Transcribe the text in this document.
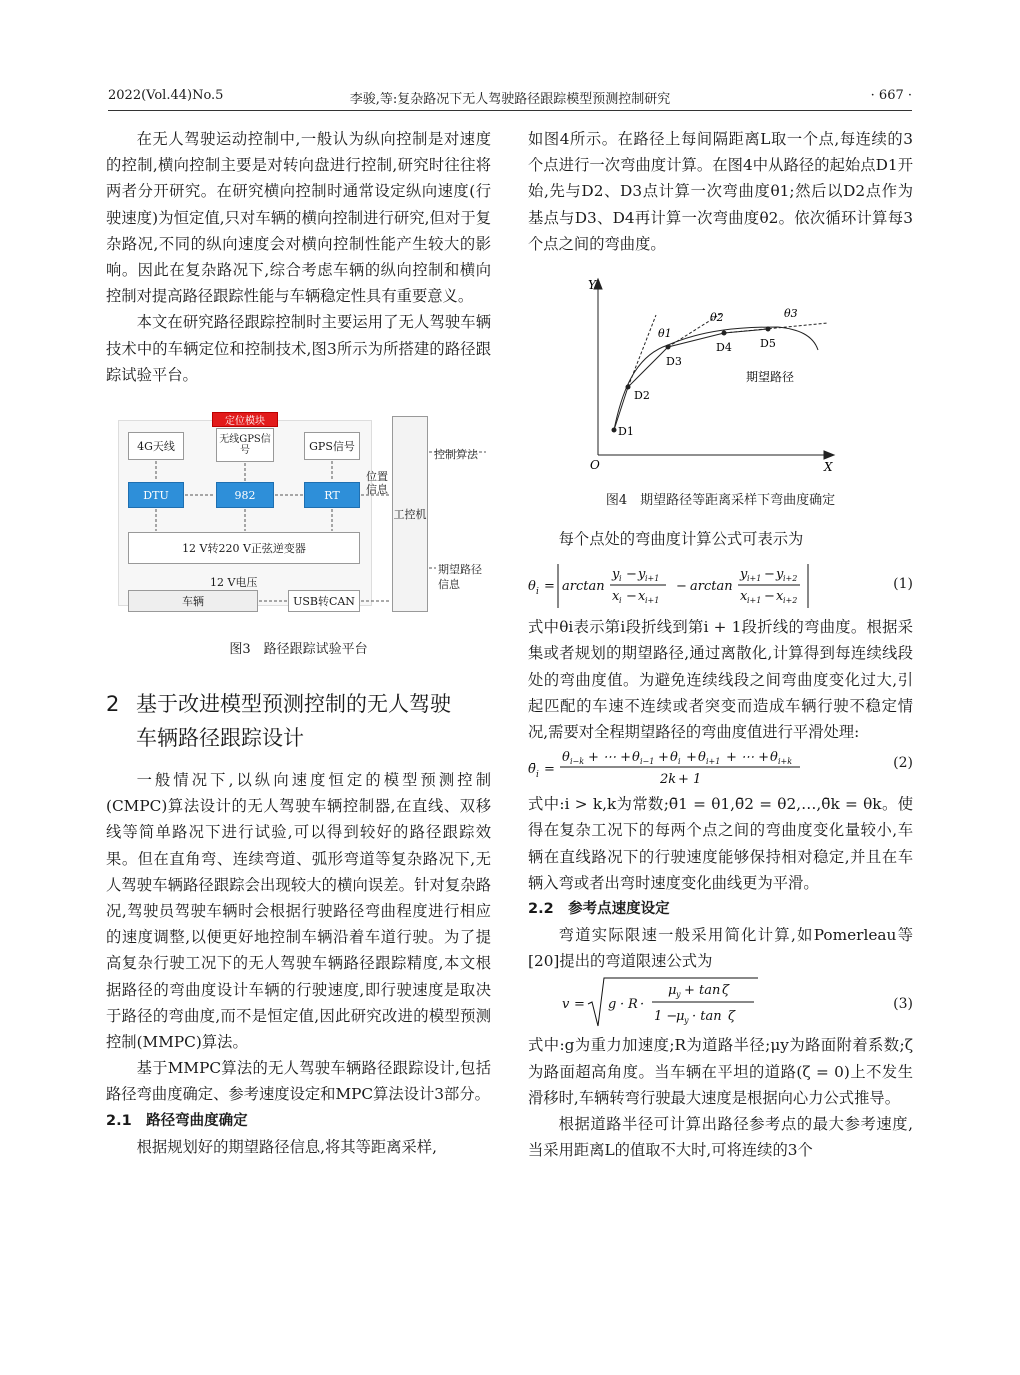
2022(Vol.44)No.5	李骏,等:复杂路况下无人驾驶路径跟踪模型预测控制研究	· 667 ·

在无人驾驶运动控制中,一般认为纵向控制是对速度的控制,横向控制主要是对转向盘进行控制,研究时往往将两者分开研究。在研究横向控制时通常设定纵向速度(行驶速度)为恒定值,只对车辆的横向控制进行研究,但对于复杂路况,不同的纵向速度会对横向控制性能产生较大的影响。因此在复杂路况下,综合考虑车辆的纵向控制和横向控制对提高路径跟踪性能与车辆稳定性具有重要意义。

本文在研究路径跟踪控制时主要运用了无人驾驶车辆技术中的车辆定位和控制技术,图3所示为所搭建的路径跟踪试验平台。

定位模块
4G天线
无线GPS信号	GPS信号
DTU	982	RT
12 V转220 V正弦逆变器
12 V电压
车辆	USB转CAN
位置信息
工控机
控制算法
期望路径信息

图3　路径跟踪试验平台

2 基于改进模型预测控制的无人驾驶
车辆路径跟踪设计

一般情况下,以纵向速度恒定的模型预测控制(CMPC)算法设计的无人驾驶车辆控制器,在直线、双移线等简单路况下进行试验,可以得到较好的路径跟踪效果。但在直角弯、连续弯道、弧形弯道等复杂路况下,无人驾驶车辆路径跟踪会出现较大的横向误差。针对复杂路况,驾驶员驾驶车辆时会根据行驶路径弯曲程度进行相应的速度调整,以便更好地控制车辆沿着车道行驶。为了提高复杂行驶工况下的无人驾驶车辆路径跟踪精度,本文根据路径的弯曲度设计车辆的行驶速度,即行驶速度是取决于路径的弯曲度,而不是恒定值,因此研究改进的模型预测控制(MMPC)算法。

基于MMPC算法的无人驾驶车辆路径跟踪设计,包括路径弯曲度确定、参考速度设定和MPC算法设计3部分。

2.1　路径弯曲度确定

根据规划好的期望路径信息,将其等距离采样,

如图4所示。在路径上每间隔距离L取一个点,每连续的3个点进行一次弯曲度计算。在图4中从路径的起始点D1开始,先与D2、D3点计算一次弯曲度θ1;然后以D2点作为基点与D3、D4再计算一次弯曲度θ2。依次循环计算每3个点之间的弯曲度。

Y
X
O
D1
D2
D3
D4	D5
θ1
θ2	θ3
期望路径

图4　期望路径等距离采样下弯曲度确定

每个点处的弯曲度计算公式可表示为

θ i = arctan
y i − y i+1
x i − x i+1
− arctan
y i+1 − y i+2
x i+1 − x i+2
(1)

式中θi表示第i段折线到第i + 1段折线的弯曲度。根据采集或者规划的期望路径,通过离散化,计算得到每连续线段处的弯曲度值。为避免连续线段之间弯曲度变化过大,引起匹配的车速不连续或者突变而造成车辆行驶不稳定情况,需要对全程期望路径的弯曲度值进行平滑处理:

θ̄ i =
θ i−k + ⋯ + θ i−1 + θ i + θ i+1 + ⋯ + θ i+k
2k + 1
(2)

式中:i > k,k为常数;θ̄1 = θ1,θ̄2 = θ2,…,θ̄k = θk。使得在复杂工况下的每两个点之间的弯曲度变化量较小,车辆在直线路况下的行驶速度能够保持相对稳定,并且在车辆入弯或者出弯时速度变化曲线更为平滑。

2.2　参考点速度设定

弯道实际限速一般采用简化计算,如Pomerleau等[20]提出的弯道限速公式为

v = g · R ·
μ y + tan ζ
1 −
μ y · tan ζ
(3)

式中:g为重力加速度;R为道路半径;μy为路面附着系数;ζ为路面超高角度。当车辆在平坦的道路(ζ = 0)上不发生滑移时,车辆转弯行驶最大速度是根据向心力公式推导。

根据道路半径可计算出路径参考点的最大参考速度,当采用距离L的值取不大时,可将连续的3个
